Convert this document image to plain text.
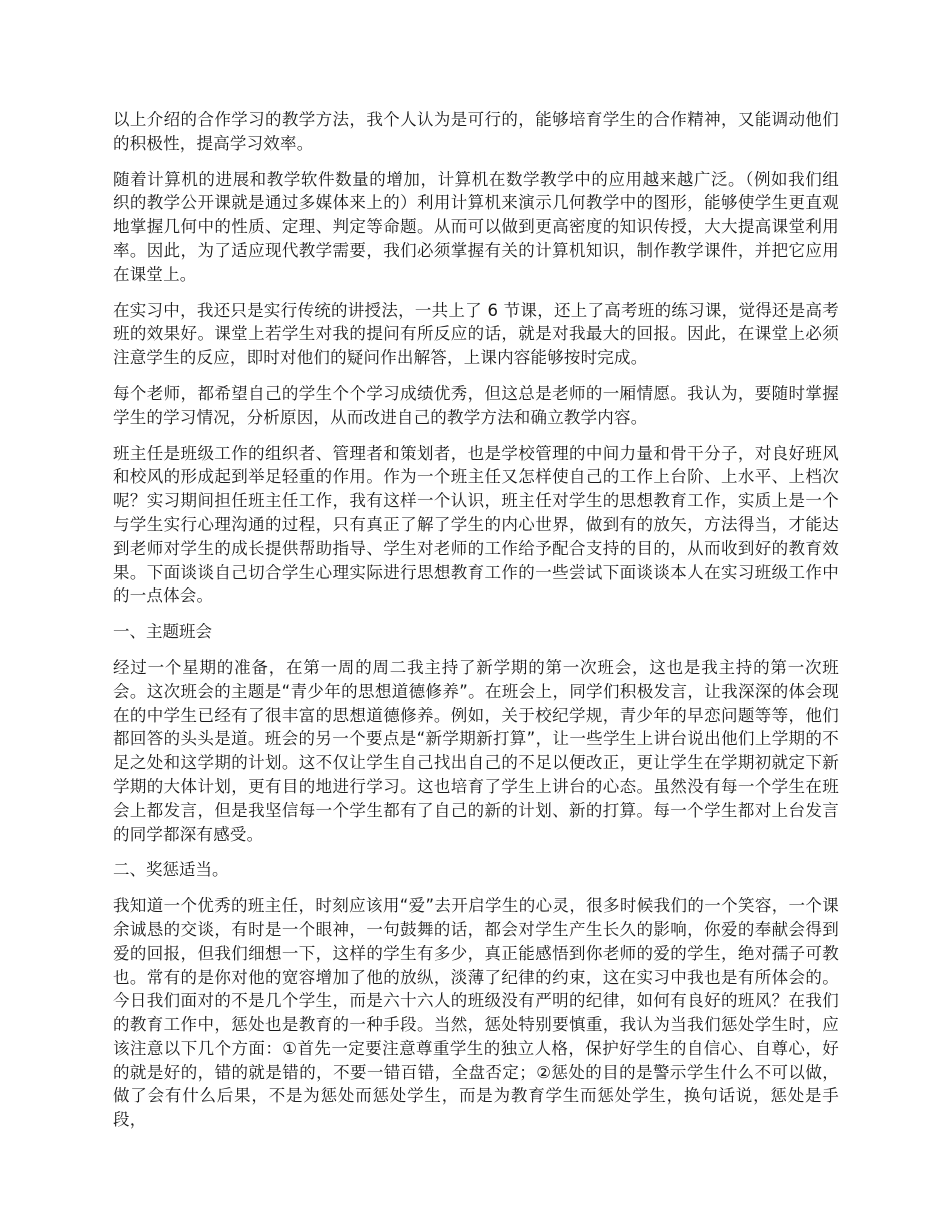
以上介绍的合作学习的教学方法，我个人认为是可行的，能够培育学生的合作精神，又能调动他们的积极性，提高学习效率。

随着计算机的进展和教学软件数量的增加，计算机在数学教学中的应用越来越广泛。（例如我们组织的教学公开课就是通过多媒体来上的）利用计算机来演示几何教学中的图形，能够使学生更直观地掌握几何中的性质、定理、判定等命题。从而可以做到更高密度的知识传授，大大提高课堂利用率。因此，为了适应现代教学需要，我们必须掌握有关的计算机知识，制作教学课件，并把它应用在课堂上。

在实习中，我还只是实行传统的讲授法，一共上了 6 节课，还上了高考班的练习课，觉得还是高考班的效果好。课堂上若学生对我的提问有所反应的话，就是对我最大的回报。因此，在课堂上必须注意学生的反应，即时对他们的疑问作出解答，上课内容能够按时完成。

每个老师，都希望自己的学生个个学习成绩优秀，但这总是老师的一厢情愿。我认为，要随时掌握学生的学习情况，分析原因，从而改进自己的教学方法和确立教学内容。

班主任是班级工作的组织者、管理者和策划者，也是学校管理的中间力量和骨干分子，对良好班风和校风的形成起到举足轻重的作用。作为一个班主任又怎样使自己的工作上台阶、上水平、上档次呢？实习期间担任班主任工作，我有这样一个认识，班主任对学生的思想教育工作，实质上是一个与学生实行心理沟通的过程，只有真正了解了学生的内心世界，做到有的放矢，方法得当，才能达到老师对学生的成长提供帮助指导、学生对老师的工作给予配合支持的目的，从而收到好的教育效果。下面谈谈自己切合学生心理实际进行思想教育工作的一些尝试下面谈谈本人在实习班级工作中的一点体会。

一、主题班会

经过一个星期的准备，在第一周的周二我主持了新学期的第一次班会，这也是我主持的第一次班会。这次班会的主题是“青少年的思想道德修养”。在班会上，同学们积极发言，让我深深的体会现在的中学生已经有了很丰富的思想道德修养。例如，关于校纪学规，青少年的早恋问题等等，他们都回答的头头是道。班会的另一个要点是“新学期新打算”，让一些学生上讲台说出他们上学期的不足之处和这学期的计划。这不仅让学生自己找出自己的不足以便改正，更让学生在学期初就定下新学期的大体计划，更有目的地进行学习。这也培育了学生上讲台的心态。虽然没有每一个学生在班会上都发言，但是我坚信每一个学生都有了自己的新的计划、新的打算。每一个学生都对上台发言的同学都深有感受。

二、奖惩适当。

我知道一个优秀的班主任，时刻应该用“爱”去开启学生的心灵，很多时候我们的一个笑容，一个课余诚恳的交谈，有时是一个眼神，一句鼓舞的话，都会对学生产生长久的影响，你爱的奉献会得到爱的回报，但我们细想一下，这样的学生有多少，真正能感悟到你老师的爱的学生，绝对孺子可教也。常有的是你对他的宽容增加了他的放纵，淡薄了纪律的约束，这在实习中我也是有所体会的。今日我们面对的不是几个学生，而是六十六人的班级没有严明的纪律，如何有良好的班风？在我们的教育工作中，惩处也是教育的一种手段。当然，惩处特别要慎重，我认为当我们惩处学生时，应该注意以下几个方面：①首先一定要注意尊重学生的独立人格，保护好学生的自信心、自尊心，好的就是好的，错的就是错的，不要一错百错，全盘否定；②惩处的目的是警示学生什么不可以做，做了会有什么后果，不是为惩处而惩处学生，而是为教育学生而惩处学生，换句话说，惩处是手段，
